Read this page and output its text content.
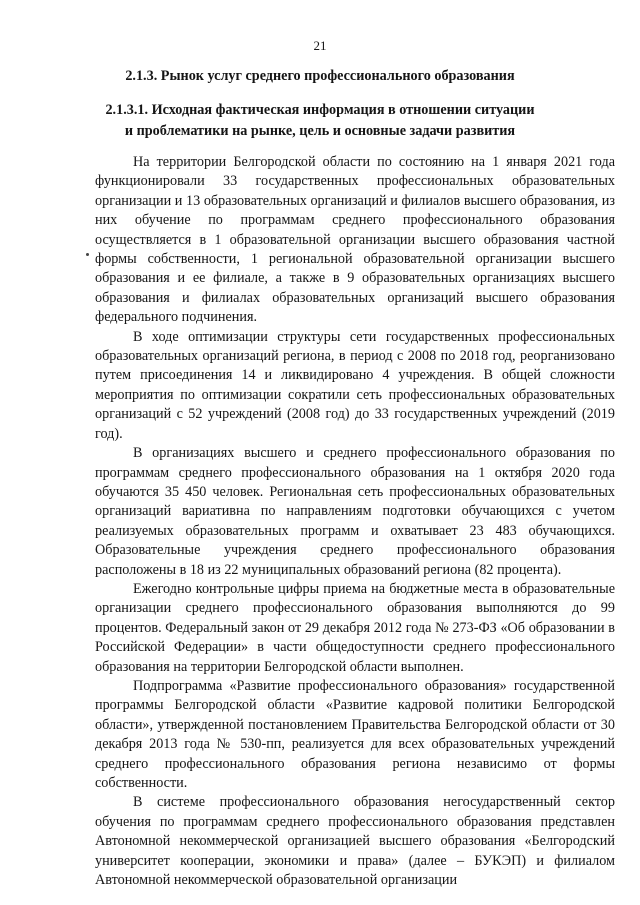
21
2.1.3. Рынок услуг среднего профессионального образования
2.1.3.1. Исходная фактическая информация в отношении ситуации
и проблематики на рынке, цель и основные задачи развития

На территории Белгородской области по состоянию на 1 января 2021 года функционировали 33 государственных профессиональных образовательных организации и 13 образовательных организаций и филиалов высшего образования, из них обучение по программам среднего профессионального образования осуществляется в 1 образовательной организации высшего образования частной формы собственности, 1 региональной образовательной организации высшего образования и ее филиале, а также в 9 образовательных организациях высшего образования и филиалах образовательных организаций высшего образования федерального подчинения.

В ходе оптимизации структуры сети государственных профессиональных образовательных организаций региона, в период с 2008 по 2018 год, реорганизовано путем присоединения 14 и ликвидировано 4 учреждения. В общей сложности мероприятия по оптимизации сократили сеть профессиональных образовательных организаций с 52 учреждений (2008 год) до 33 государственных учреждений (2019 год).

В организациях высшего и среднего профессионального образования по программам среднего профессионального образования на 1 октября 2020 года обучаются 35 450 человек. Региональная сеть профессиональных образовательных организаций вариативна по направлениям подготовки обучающихся с учетом реализуемых образовательных программ и охватывает 23 483 обучающихся. Образовательные учреждения среднего профессионального образования расположены в 18 из 22 муниципальных образований региона (82 процента).

Ежегодно контрольные цифры приема на бюджетные места в образовательные организации среднего профессионального образования выполняются до 99 процентов. Федеральный закон от 29 декабря 2012 года № 273-ФЗ «Об образовании в Российской Федерации» в части общедоступности среднего профессионального образования на территории Белгородской области выполнен.

Подпрограмма «Развитие профессионального образования» государственной программы Белгородской области «Развитие кадровой политики Белгородской области», утвержденной постановлением Правительства Белгородской области от 30 декабря 2013 года № 530-пп, реализуется для всех образовательных учреждений среднего профессионального образования региона независимо от формы собственности.

В системе профессионального образования негосударственный сектор обучения по программам среднего профессионального образования представлен Автономной некоммерческой организацией высшего образования «Белгородский университет кооперации, экономики и права» (далее – БУКЭП) и филиалом Автономной некоммерческой образовательной организации
